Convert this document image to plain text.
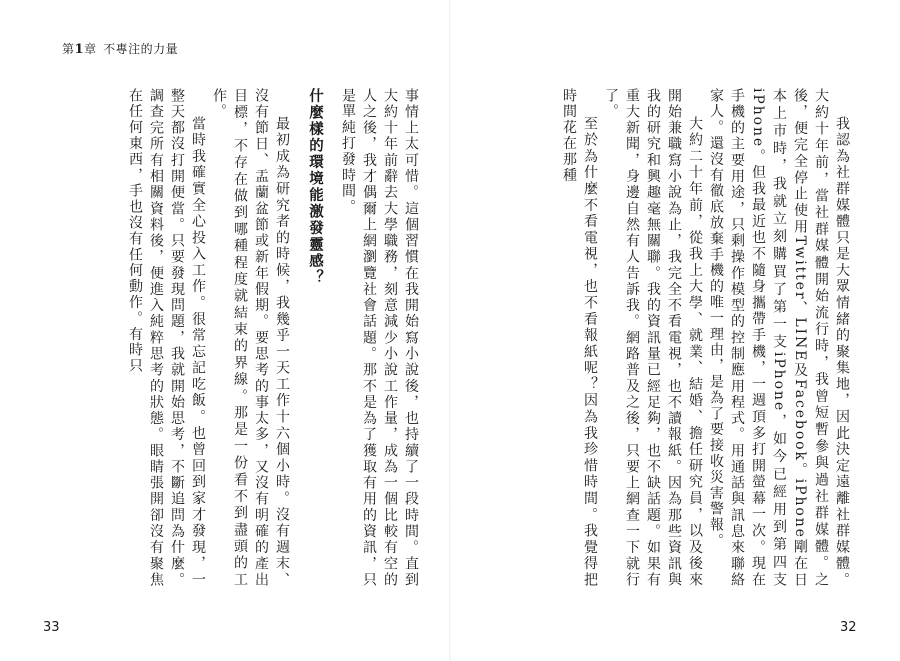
第1章  不專注的力量

我認為社群媒體只是大眾情緒的聚集地，因此決定遠離社群媒體。大約十年前，當社群媒體開始流行時，我曾短暫參與過社群媒體。之後，便完全停止使用Twitter、LINE及Facebook。iPhone剛在日本上市時，我就立刻購買了第一支iPhone，如今已經用到第四支iPhone。但我最近也不隨身攜帶手機，一週頂多打開螢幕一次。現在手機的主要用途，只剩操作模型的控制應用程式。用通話與訊息來聯絡家人。還沒有徹底放棄手機的唯一理由，是為了要接收災害警報。

大約二十年前，從我上大學、就業、結婚、擔任研究員，以及後來開始兼職寫小說為止，我完全不看電視，也不讀報紙。因為那些資訊與我的研究和興趣毫無關聯。我的資訊量已經足夠，也不缺話題。如果有重大新聞，身邊自然有人告訴我。網路普及之後，只要上網查一下就行了。

至於為什麼不看電視，也不看報紙呢？因為我珍惜時間。我覺得把時間花在那種

事情上太可惜。這個習慣在我開始寫小說後，也持續了一段時間。直到大約十年前辭去大學職務，刻意減少小說工作量，成為一個比較有空的人之後，我才偶爾上網瀏覽社會話題。那不是為了獲取有用的資訊，只是單純打發時間。

什麼樣的環境能激發靈感？

最初成為研究者的時候，我幾乎一天工作十六個小時。沒有週末、沒有節日、盂蘭盆節或新年假期。要思考的事太多，又沒有明確的產出目標，不存在做到哪種程度就結束的界線。那是一份看不到盡頭的工作。

當時我確實全心投入工作。很常忘記吃飯。也曾回到家才發現，一整天都沒打開便當。只要發現問題，我就開始思考，不斷追問為什麼。調查完所有相關資料後，便進入純粹思考的狀態。眼睛張開卻沒有聚焦在任何東西，手也沒有任何動作。有時只

33	32
